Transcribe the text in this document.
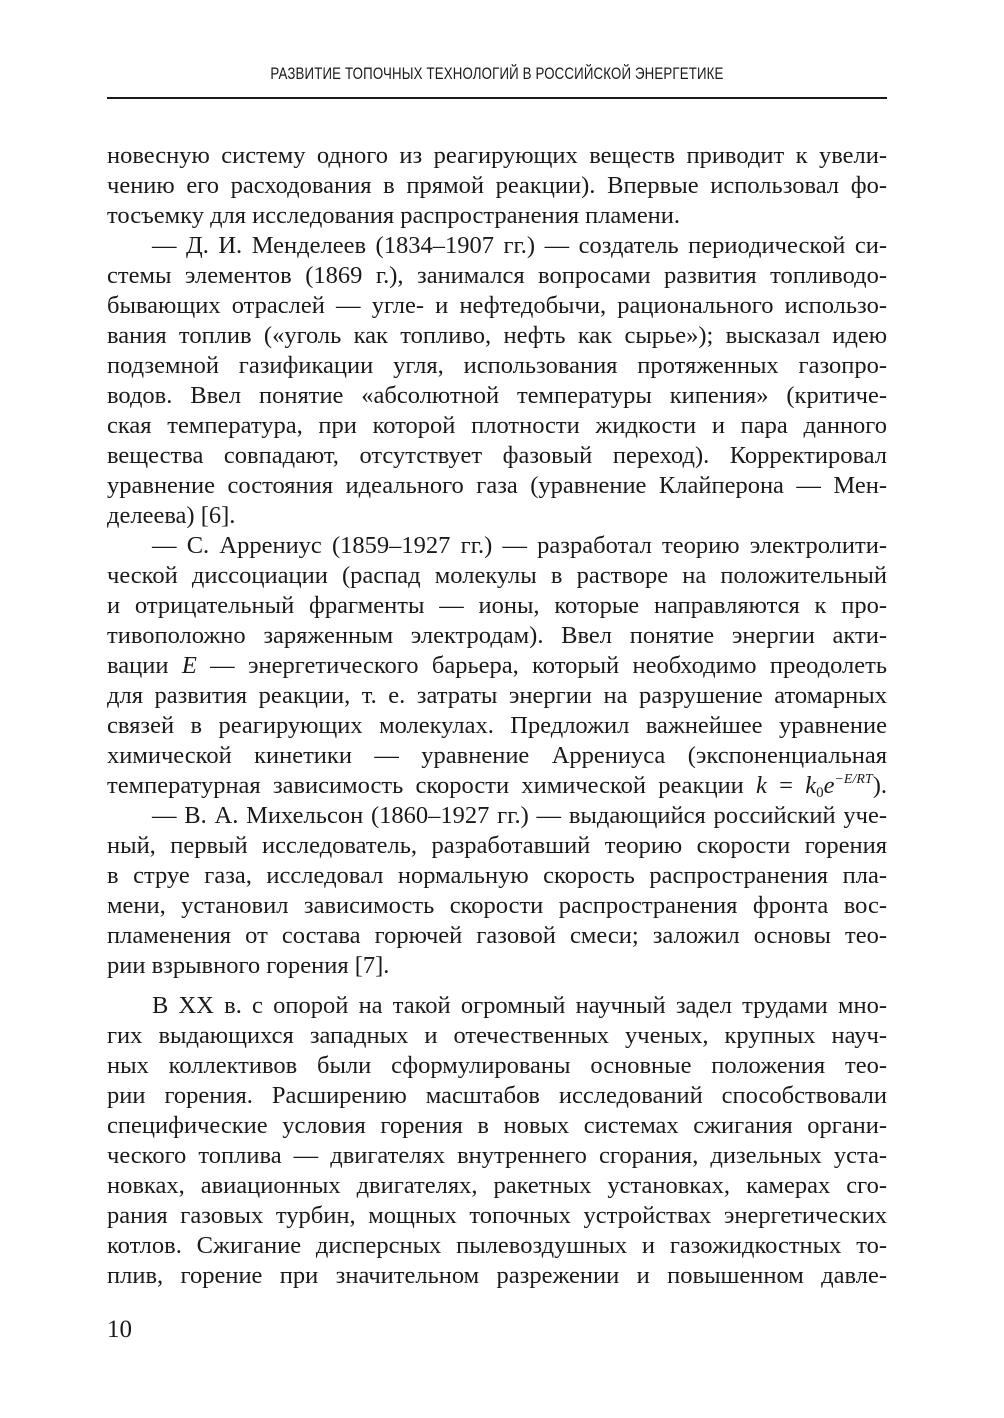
РАЗВИТИЕ ТОПОЧНЫХ ТЕХНОЛОГИЙ В РОССИЙСКОЙ ЭНЕРГЕТИКЕ
новесную систему одного из реагирующих веществ приводит к увели-
чению его расходования в прямой реакции). Впервые использовал фо-
тосъемку для исследования распространения пламени.
— Д. И. Менделеев (1834–1907 гг.) — создатель периодической си-
стемы элементов (1869 г.), занимался вопросами развития топливодо-
бывающих отраслей — угле- и нефтедобычи, рационального использо-
вания топлив («уголь как топливо, нефть как сырье»); высказал идею
подземной газификации угля, использования протяженных газопро-
водов. Ввел понятие «абсолютной температуры кипения» (критиче-
ская температура, при которой плотности жидкости и пара данного
вещества совпадают, отсутствует фазовый переход). Корректировал
уравнение состояния идеального газа (уравнение Клайперона — Мен-
делеева) [6].
— С. Аррениус (1859–1927 гг.) — разработал теорию электролити-
ческой диссоциации (распад молекулы в растворе на положительный
и отрицательный фрагменты — ионы, которые направляются к про-
тивоположно заряженным электродам). Ввел понятие энергии акти-
вации E — энергетического барьера, который необходимо преодолеть
для развития реакции, т. е. затраты энергии на разрушение атомарных
связей в реагирующих молекулах. Предложил важнейшее уравнение
химической кинетики — уравнение Аррениуса (экспоненциальная
температурная зависимость скорости химической реакции $k = k_0e^{-E/RT}$).
— В. А. Михельсон (1860–1927 гг.) — выдающийся российский уче-
ный, первый исследователь, разработавший теорию скорости горения
в струе газа, исследовал нормальную скорость распространения пла-
мени, установил зависимость скорости распространения фронта вос-
пламенения от состава горючей газовой смеси; заложил основы тео-
рии взрывного горения [7].
В XX в. с опорой на такой огромный научный задел трудами мно-
гих выдающихся западных и отечественных ученых, крупных науч-
ных коллективов были сформулированы основные положения тео-
рии горения. Расширению масштабов исследований способствовали
специфические условия горения в новых системах сжигания органи-
ческого топлива — двигателях внутреннего сгорания, дизельных уста-
новках, авиационных двигателях, ракетных установках, камерах сго-
рания газовых турбин, мощных топочных устройствах энергетических
котлов. Сжигание дисперсных пылевоздушных и газожидкостных то-
плив, горение при значительном разрежении и повышенном давле-
10
